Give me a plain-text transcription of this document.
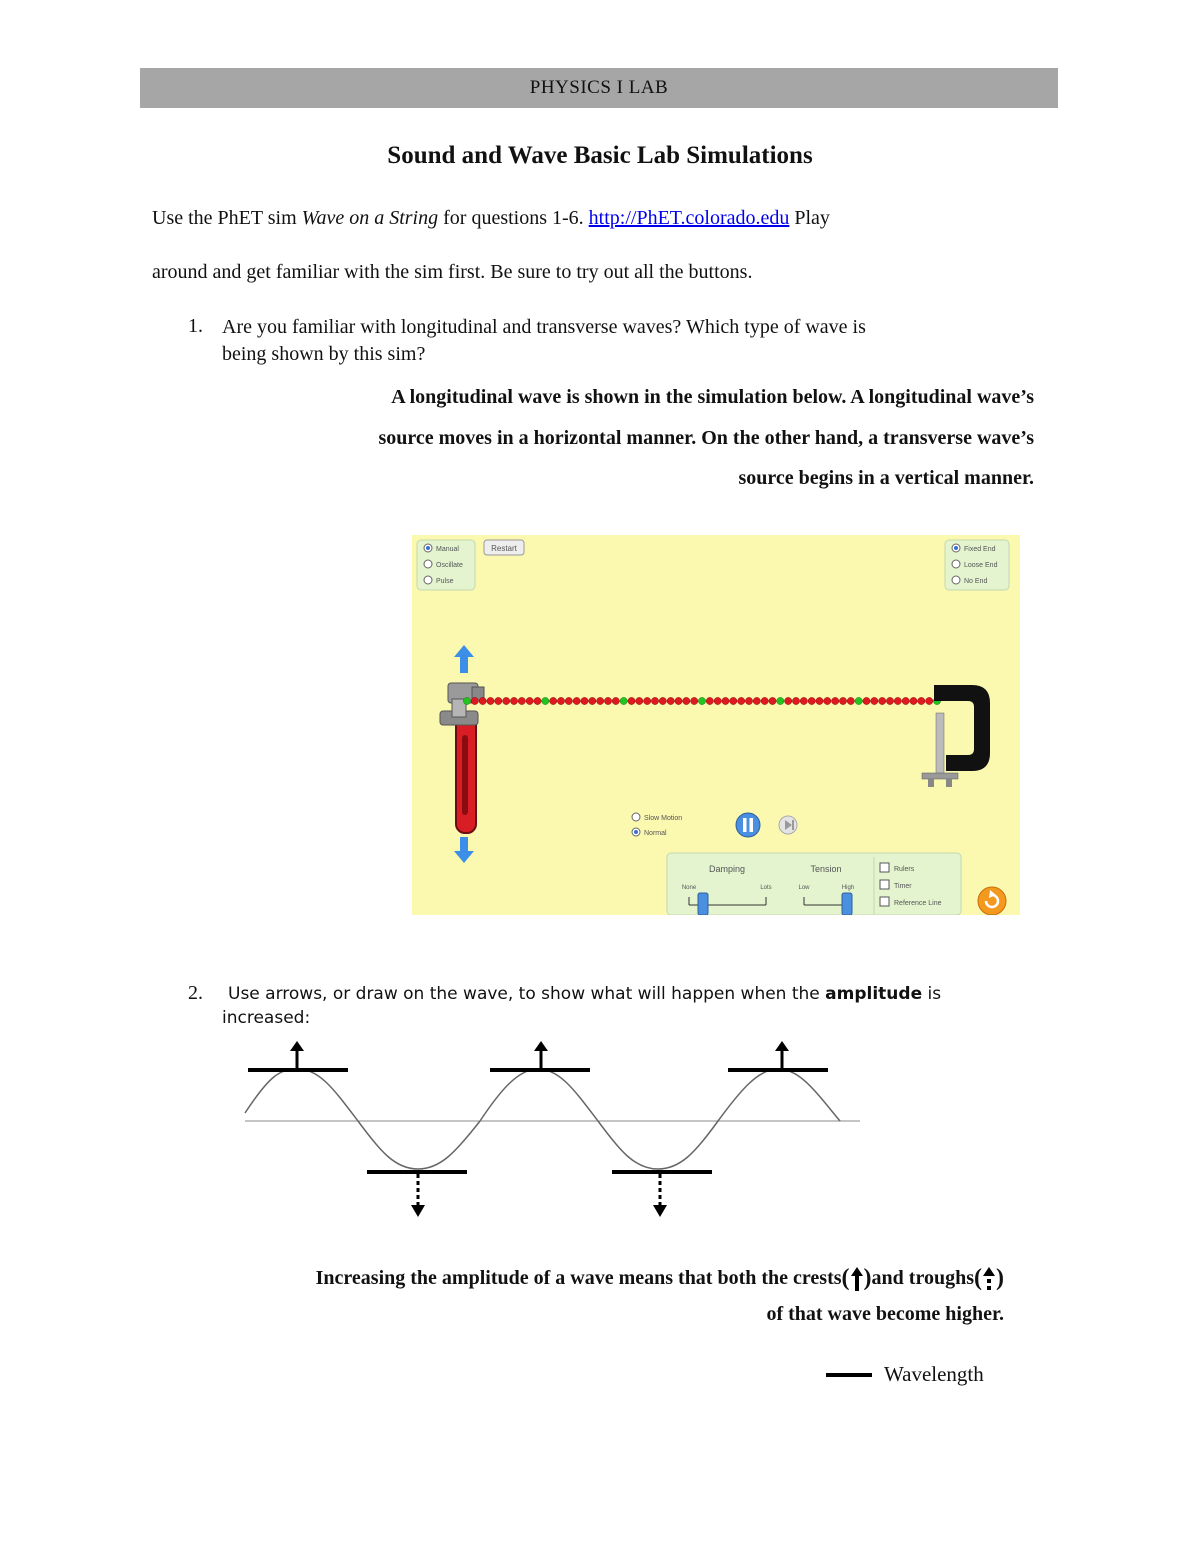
PHYSICS I LAB
Sound and Wave Basic Lab Simulations
Use the PhET sim Wave on a String for questions 1-6. http://PhET.colorado.edu Play
around and get familiar with the sim first. Be sure to try out all the buttons.
1. Are you familiar with longitudinal and transverse waves? Which type of wave is
being shown by this sim?
A longitudinal wave is shown in the simulation below. A longitudinal wave’s
source moves in a horizontal manner. On the other hand, a transverse wave’s
source begins in a vertical manner.
Manual
Oscillate
Pulse
Restart	Fixed End
Loose End
No End
Slow Motion
Normal
Damping
None	Lots
Tension
Low	High
Rulers
Timer
Reference Line
2. Use arrows, or draw on the wave, to show what will happen when the amplitude is
increased:
Increasing the amplitude of a wave means that both the crests ( ) and troughs ( )
of that wave become higher.
Wavelength
